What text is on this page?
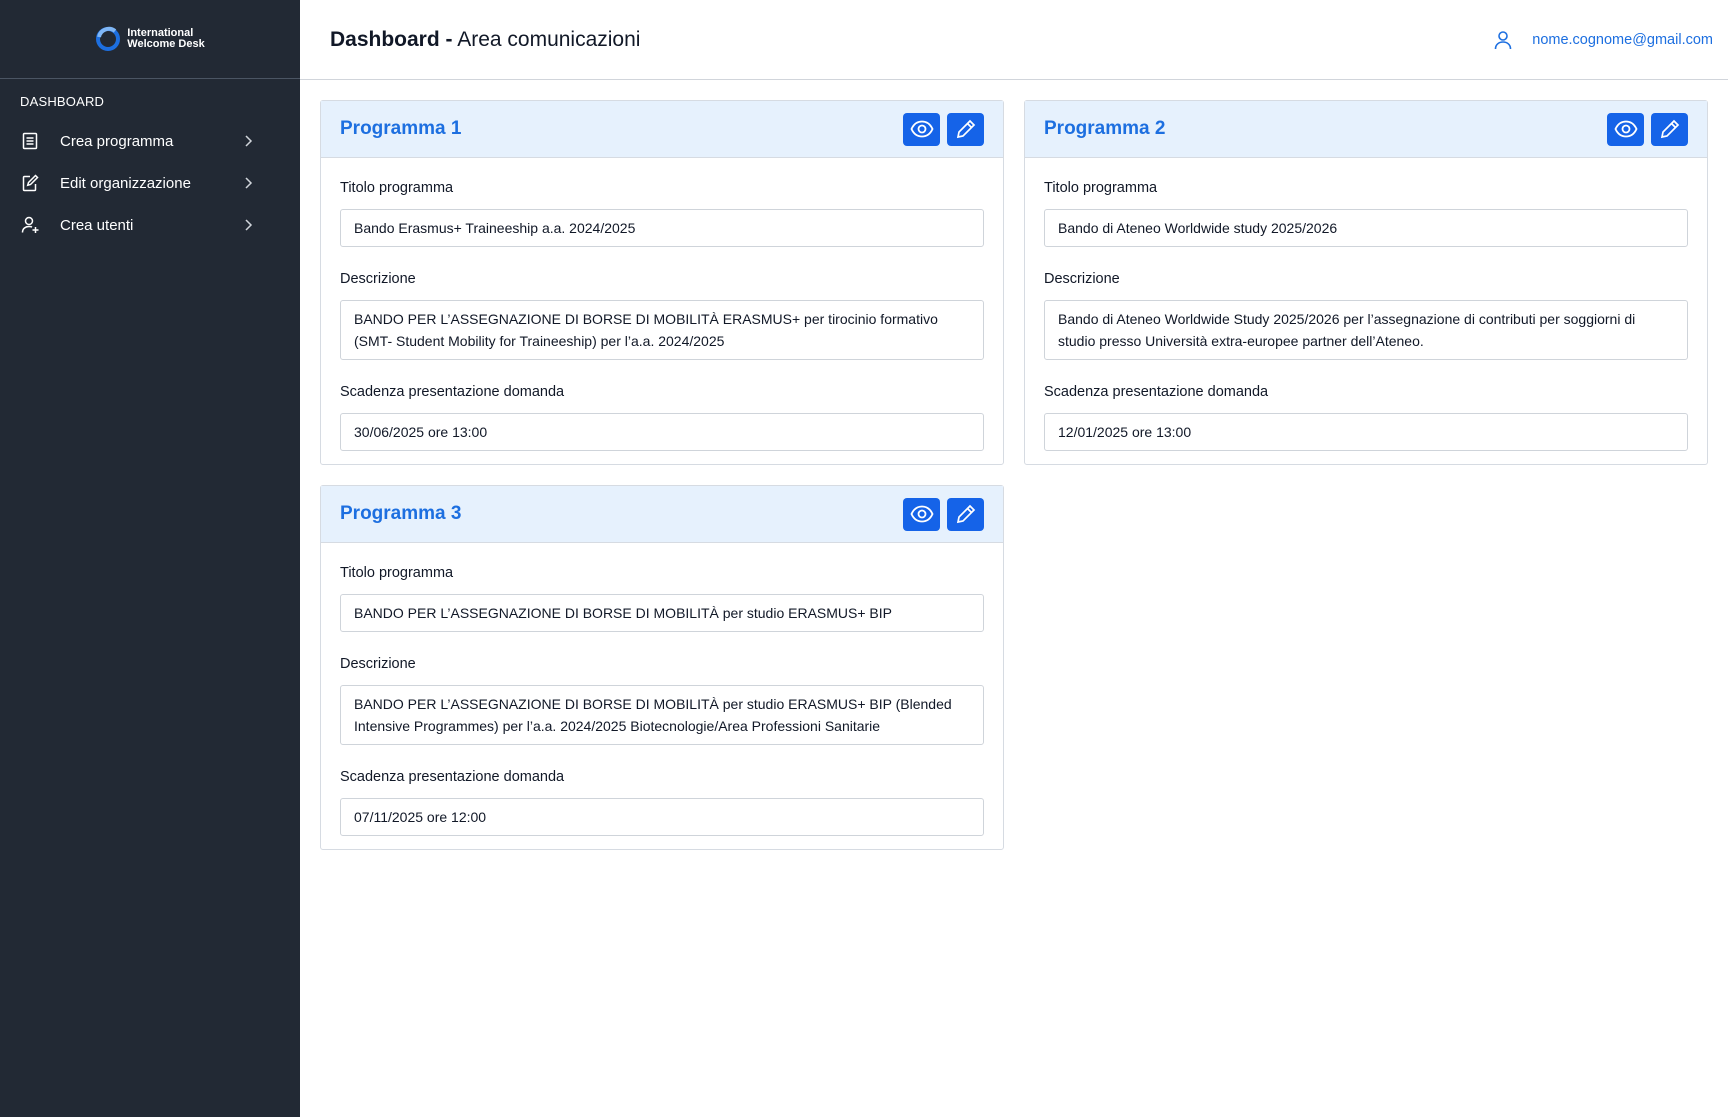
International
Welcome Desk
DASHBOARD
Crea programma
Edit organizzazione
Crea utenti
Dashboard - Area comunicazioni	nome.cognome@gmail.com
Programma 1
Titolo programma
Bando Erasmus+ Traineeship a.a. 2024/2025
Descrizione
BANDO PER L’ASSEGNAZIONE DI BORSE DI MOBILITÀ ERASMUS+ per tirocinio formativo (SMT- Student Mobility for Traineeship) per l’a.a. 2024/2025
Scadenza presentazione domanda
30/06/2025 ore 13:00
Programma 2
Titolo programma
Bando di Ateneo Worldwide study 2025/2026
Descrizione
Bando di Ateneo Worldwide Study 2025/2026 per l’assegnazione di contributi per soggiorni di studio presso Università extra-europee partner dell’Ateneo.
Scadenza presentazione domanda
12/01/2025 ore 13:00
Programma 3
Titolo programma
BANDO PER L’ASSEGNAZIONE DI BORSE DI MOBILITÀ per studio ERASMUS+ BIP
Descrizione
BANDO PER L’ASSEGNAZIONE DI BORSE DI MOBILITÀ per studio ERASMUS+ BIP (Blended Intensive Programmes) per l’a.a. 2024/2025 Biotecnologie/Area Professioni Sanitarie
Scadenza presentazione domanda
07/11/2025 ore 12:00
